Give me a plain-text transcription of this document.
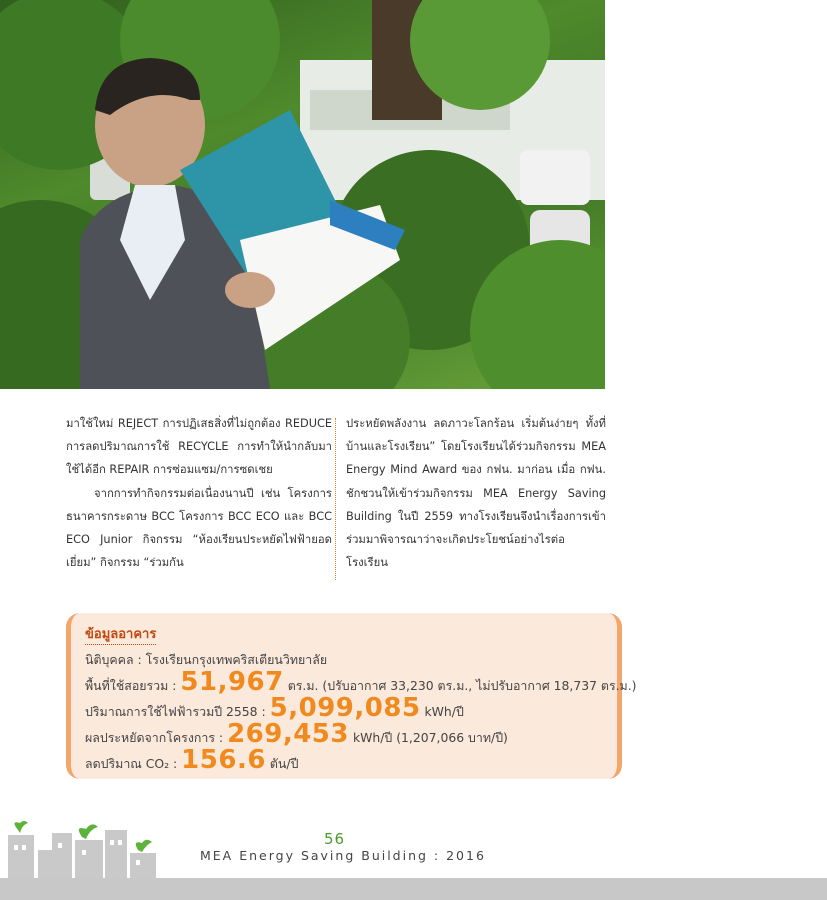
มาใช้ใหม่ REJECT การปฏิเสธสิ่งที่ไม่ถูกต้อง REDUCE การลดปริมาณการใช้ RECYCLE การทำให้นำกลับมาใช้ได้อีก REPAIR การซ่อมแซม/การซดเชย

จากการทำกิจกรรมต่อเนื่องนานปี เช่น โครงการธนาคารกระดาษ BCC โครงการ BCC ECO และ BCC ECO Junior กิจกรรม “ห้องเรียนประหยัดไฟฟ้ายอดเยี่ยม” กิจกรรม “ร่วมกัน

ประหยัดพลังงาน ลดภาวะโลกร้อน เริ่มต้นง่ายๆ ทั้งที่บ้านและโรงเรียน” โดยโรงเรียนได้ร่วมกิจกรรม MEA Energy Mind Award ของ กฟน. มาก่อน เมื่อ กฟน. ชักชวนให้เข้าร่วมกิจกรรม MEA Energy Saving Building ในปี 2559 ทางโรงเรียนจึงนำเรื่องการเข้าร่วมมาพิจารณาว่าจะเกิดประโยชน์อย่างไรต่อโรงเรียน

ข้อมูลอาคาร
นิติบุคคล : โรงเรียนกรุงเทพคริสเตียนวิทยาลัย
พื้นที่ใช้สอยรวม : 51,967 ตร.ม. (ปรับอากาศ 33,230 ตร.ม., ไม่ปรับอากาศ 18,737 ตร.ม.)
ปริมาณการใช้ไฟฟ้ารวมปี 2558 : 5,099,085 kWh/ปี
ผลประหยัดจากโครงการ : 269,453 kWh/ปี (1,207,066 บาท/ปี)
ลดปริมาณ CO₂ : 156.6 ตัน/ปี
56
MEA Energy Saving Building : 2016
